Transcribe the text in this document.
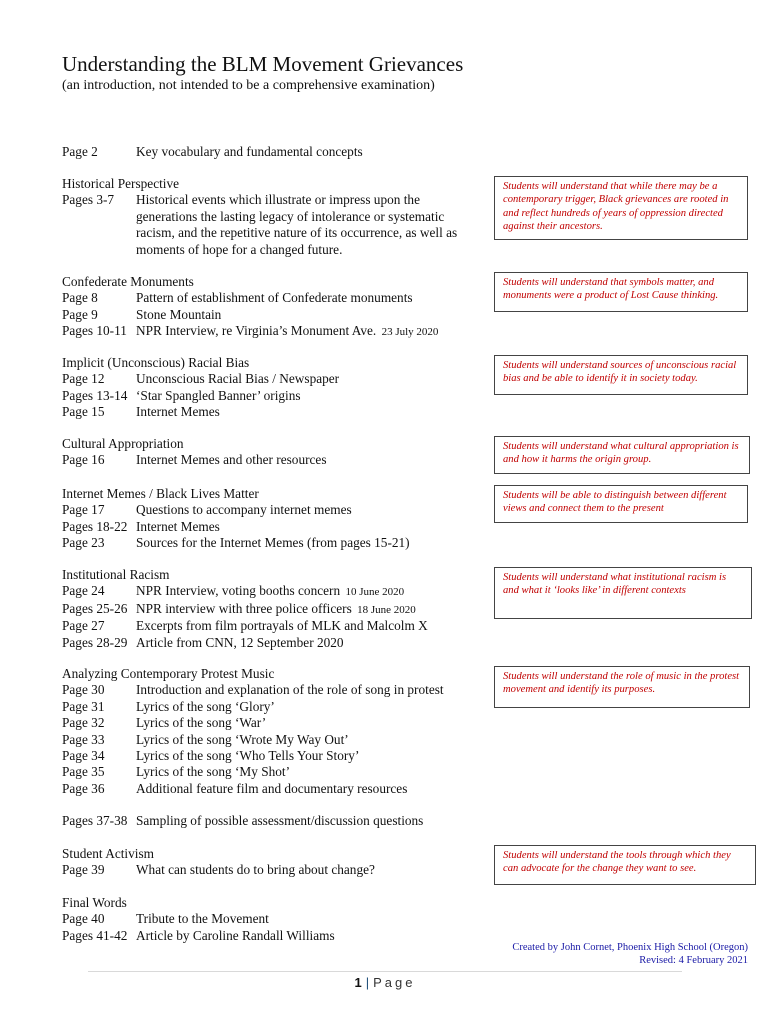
Understanding the BLM Movement Grievances
(an introduction, not intended to be a comprehensive examination)
Page 2	Key vocabulary and fundamental concepts
Historical Perspective
Pages 3-7	Historical events which illustrate or impress upon the generations the lasting legacy of intolerance or systematic racism, and the repetitive nature of its occurrence, as well as moments of hope for a changed future.
Students will understand that while there may be a contemporary trigger, Black grievances are rooted in and reflect hundreds of years of oppression directed against their ancestors.
Confederate Monuments
Page 8	Pattern of establishment of Confederate monuments
Page 9	Stone Mountain
Pages 10-11 NPR Interview, re Virginia’s Monument Ave. 23 July 2020
Students will understand that symbols matter, and monuments were a product of Lost Cause thinking.
Implicit (Unconscious) Racial Bias
Page 12	Unconscious Racial Bias / Newspaper
Pages 13-14 ‘Star Spangled Banner’ origins
Page 15	Internet Memes
Students will understand sources of unconscious racial bias and be able to identify it in society today.
Cultural Appropriation
Page 16	Internet Memes and other resources
Students will understand what cultural appropriation is and how it harms the origin group.
Internet Memes / Black Lives Matter
Page 17	Questions to accompany internet memes
Pages 18-22 Internet Memes
Page 23	Sources for the Internet Memes (from pages 15-21)
Students will be able to distinguish between different views and connect them to the present
Institutional Racism
Page 24	NPR Interview, voting booths concern 10 June 2020
Pages 25-26 NPR interview with three police officers 18 June 2020
Page 27	Excerpts from film portrayals of MLK and Malcolm X
Pages 28-29 Article from CNN, 12 September 2020
Students will understand what institutional racism is and what it ‘looks like’ in different contexts
Analyzing Contemporary Protest Music
Page 30	Introduction and explanation of the role of song in protest
Page 31	Lyrics of the song ‘Glory’
Page 32	Lyrics of the song ‘War’
Page 33	Lyrics of the song ‘Wrote My Way Out’
Page 34	Lyrics of the song ‘Who Tells Your Story’
Page 35	Lyrics of the song ‘My Shot’
Page 36	Additional feature film and documentary resources
Students will understand the role of music in the protest movement and identify its purposes.
Pages 37-38 Sampling of possible assessment/discussion questions
Student Activism
Page 39	What can students do to bring about change?
Students will understand the tools through which they can advocate for the change they want to see.
Final Words
Page 40	Tribute to the Movement
Pages 41-42 Article by Caroline Randall Williams
Created by John Cornet, Phoenix High School (Oregon)
Revised: 4 February 2021
1 | Page
